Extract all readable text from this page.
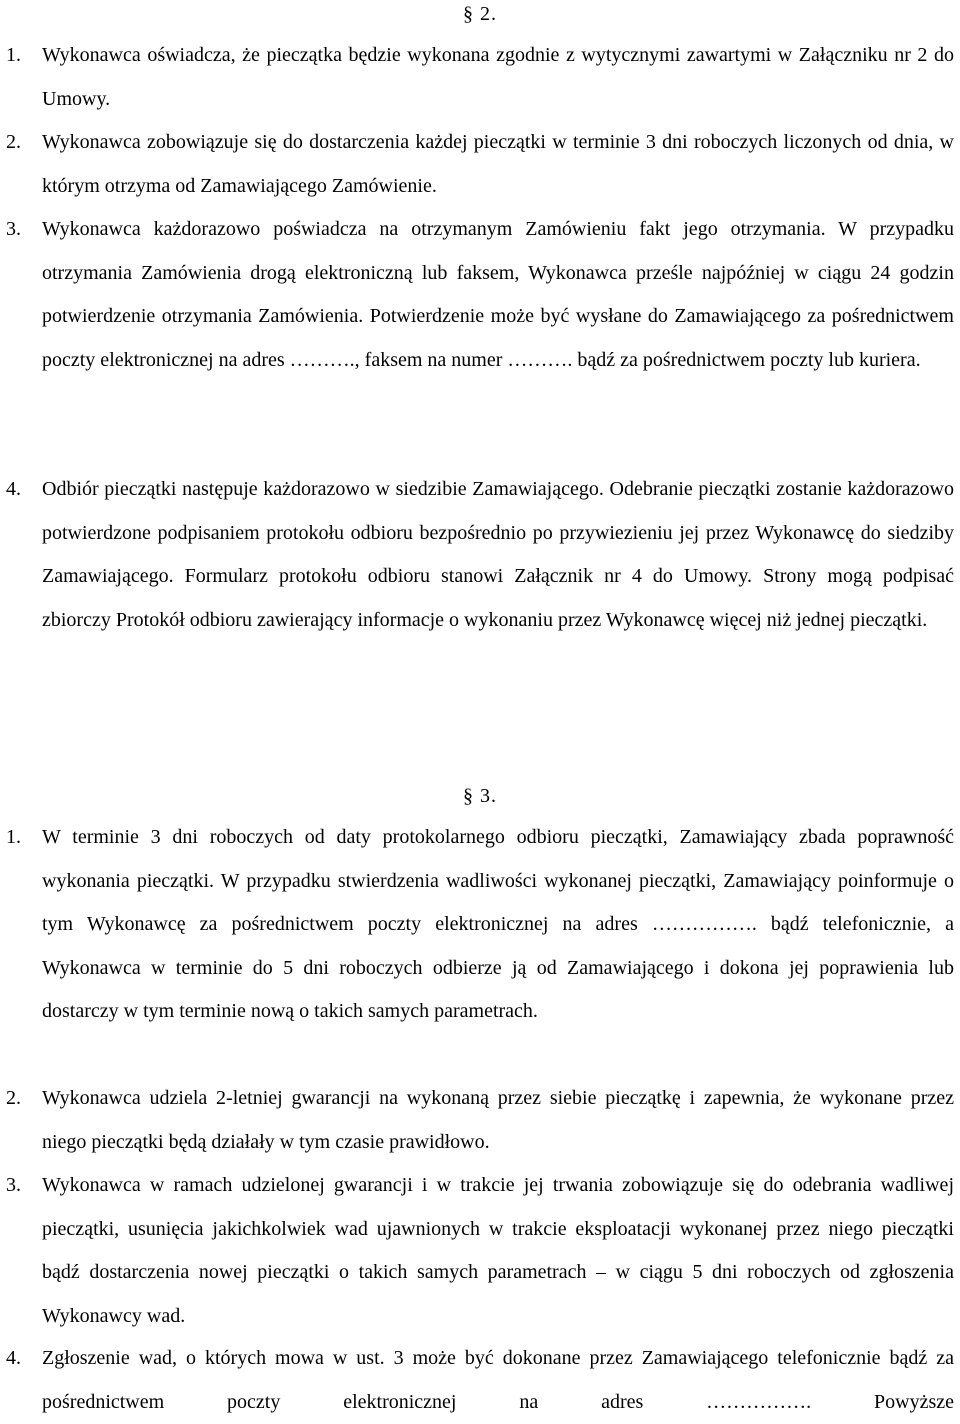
§ 2.
1. Wykonawca oświadcza, że pieczątka będzie wykonana zgodnie z wytycznymi zawartymi w Załączniku nr 2 do Umowy.

2. Wykonawca zobowiązuje się do dostarczenia każdej pieczątki w terminie 3 dni roboczych liczonych od dnia, w którym otrzyma od Zamawiającego Zamówienie.

3. Wykonawca każdorazowo poświadcza na otrzymanym Zamówieniu fakt jego otrzymania. W przypadku otrzymania Zamówienia drogą elektroniczną lub faksem, Wykonawca prześle najpóźniej w ciągu 24 godzin potwierdzenie otrzymania Zamówienia. Potwierdzenie może być wysłane do Zamawiającego za pośrednictwem poczty elektronicznej na adres ………., faksem na numer ………. bądź za pośrednictwem poczty lub kuriera.

4. Odbiór pieczątki następuje każdorazowo w siedzibie Zamawiającego. Odebranie pieczątki zostanie każdorazowo potwierdzone podpisaniem protokołu odbioru bezpośrednio po przywiezieniu jej przez Wykonawcę do siedziby Zamawiającego. Formularz protokołu odbioru stanowi Załącznik nr 4 do Umowy. Strony mogą podpisać zbiorczy Protokół odbioru zawierający informacje o wykonaniu przez Wykonawcę więcej niż jednej pieczątki.

§ 3.
1. W terminie 3 dni roboczych od daty protokolarnego odbioru pieczątki, Zamawiający zbada poprawność wykonania pieczątki. W przypadku stwierdzenia wadliwości wykonanej pieczątki, Zamawiający poinformuje o tym Wykonawcę za pośrednictwem poczty elektronicznej na adres ……………. bądź telefonicznie, a Wykonawca w terminie do 5 dni roboczych odbierze ją od Zamawiającego i dokona jej poprawienia lub dostarczy w tym terminie nową o takich samych parametrach.

2. Wykonawca udziela 2-letniej gwarancji na wykonaną przez siebie pieczątkę i zapewnia, że wykonane przez niego pieczątki będą działały w tym czasie prawidłowo.

3. Wykonawca w ramach udzielonej gwarancji i w trakcie jej trwania zobowiązuje się do odebrania wadliwej pieczątki, usunięcia jakichkolwiek wad ujawnionych w trakcie eksploatacji wykonanej przez niego pieczątki bądź dostarczenia nowej pieczątki o takich samych parametrach – w ciągu 5 dni roboczych od zgłoszenia Wykonawcy wad.

4. Zgłoszenie wad, o których mowa w ust. 3 może być dokonane przez Zamawiającego telefonicznie bądź za pośrednictwem poczty elektronicznej na adres ……………. Powyższe
